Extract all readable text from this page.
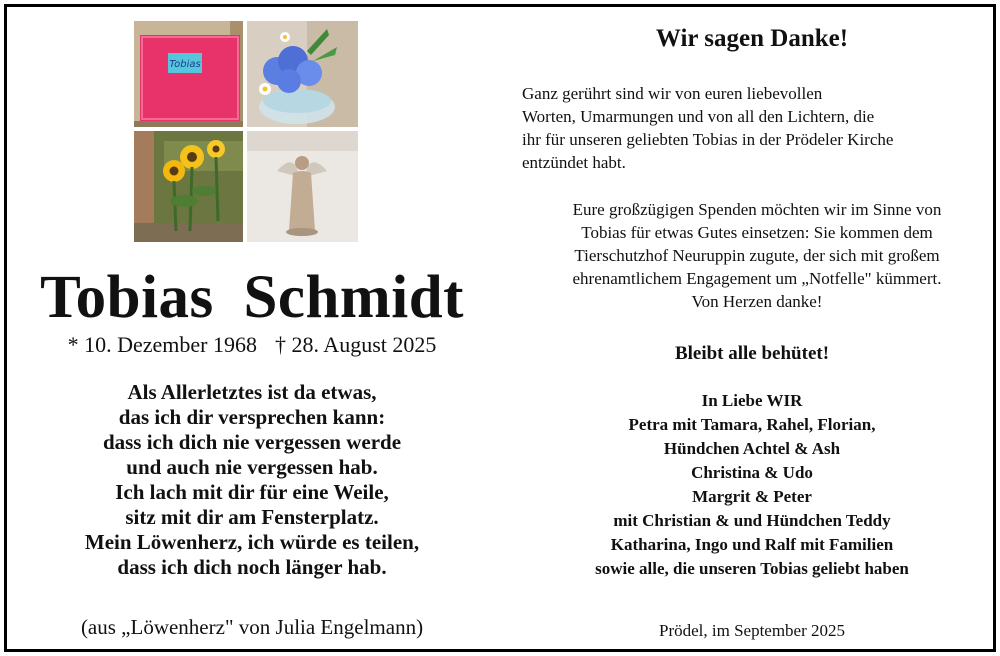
Tobias
Tobias Schmidt
* 10. Dezember 1968 † 28. August 2025
Als Allerletztes ist da etwas,
das ich dir versprechen kann:
dass ich dich nie vergessen werde
und auch nie vergessen hab.
Ich lach mit dir für eine Weile,
sitz mit dir am Fensterplatz.
Mein Löwenherz, ich würde es teilen,
dass ich dich noch länger hab.
(aus „Löwenherz" von Julia Engelmann)
Wir sagen Danke!
Ganz gerührt sind wir von euren liebevollen
Worten, Umarmungen und von all den Lichtern, die
ihr für unseren geliebten Tobias in der Prödeler Kirche
entzündet habt.
Eure großzügigen Spenden möchten wir im Sinne von
Tobias für etwas Gutes einsetzen: Sie kommen dem
Tierschutzhof Neuruppin zugute, der sich mit großem
ehrenamtlichem Engagement um „Notfelle" kümmert.
Von Herzen danke!
Bleibt alle behütet!
In Liebe WIR
Petra mit Tamara, Rahel, Florian,
Hündchen Achtel & Ash
Christina & Udo
Margrit & Peter
mit Christian & und Hündchen Teddy
Katharina, Ingo und Ralf mit Familien
sowie alle, die unseren Tobias geliebt haben
Prödel, im September 2025
